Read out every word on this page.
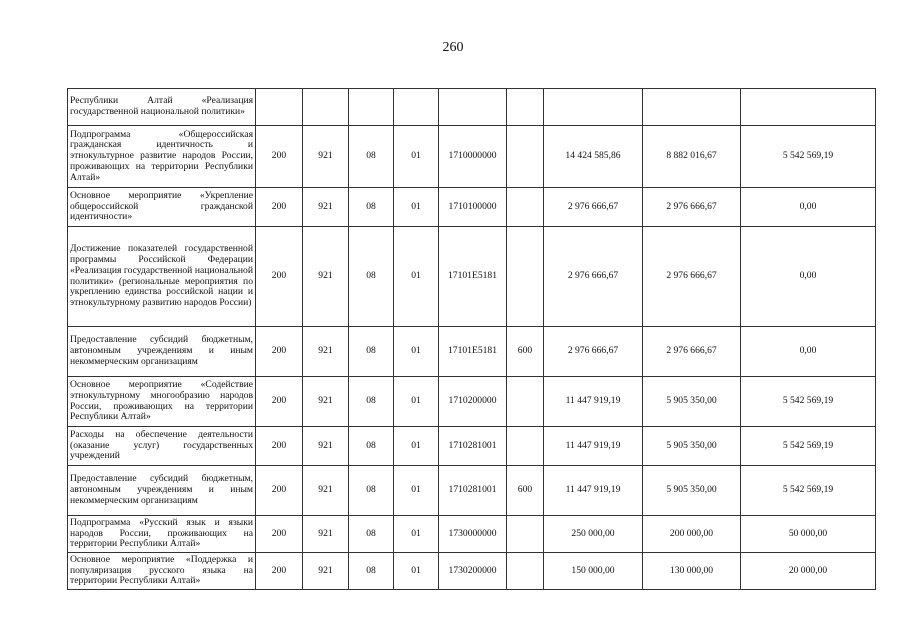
260
Республики Алтай «Реализация государственной национальной политики»									
Подпрограмма «Общероссийская гражданская идентичность и этнокультурное развитие народов России, проживающих на территории Республики Алтай»	200	921	08	01	1710000000		14 424 585,86	8 882 016,67	5 542 569,19
Основное мероприятие «Укрепление общероссийской гражданской идентичности»	200	921	08	01	1710100000		2 976 666,67	2 976 666,67	0,00
Достижение показателей государственной программы Российской Федерации «Реализация государственной национальной политики» (региональные мероприятия по укреплению единства российской нации и этнокультурному развитию народов России)	200	921	08	01	17101E5181		2 976 666,67	2 976 666,67	0,00
Предоставление субсидий бюджетным, автономным учреждениям и иным некоммерческим организациям	200	921	08	01	17101E5181	600	2 976 666,67	2 976 666,67	0,00
Основное мероприятие «Содействие этнокультурному многообразию народов России, проживающих на территории Республики Алтай»	200	921	08	01	1710200000		11 447 919,19	5 905 350,00	5 542 569,19
Расходы на обеспечение деятельности (оказание услуг) государственных учреждений	200	921	08	01	1710281001		11 447 919,19	5 905 350,00	5 542 569,19
Предоставление субсидий бюджетным, автономным учреждениям и иным некоммерческим организациям	200	921	08	01	1710281001	600	11 447 919,19	5 905 350,00	5 542 569,19
Подпрограмма «Русский язык и языки народов России, проживающих на территории Республики Алтай»	200	921	08	01	1730000000		250 000,00	200 000,00	50 000,00
Основное мероприятие «Поддержка и популяризация русского языка на территории Республики Алтай»	200	921	08	01	1730200000		150 000,00	130 000,00	20 000,00
